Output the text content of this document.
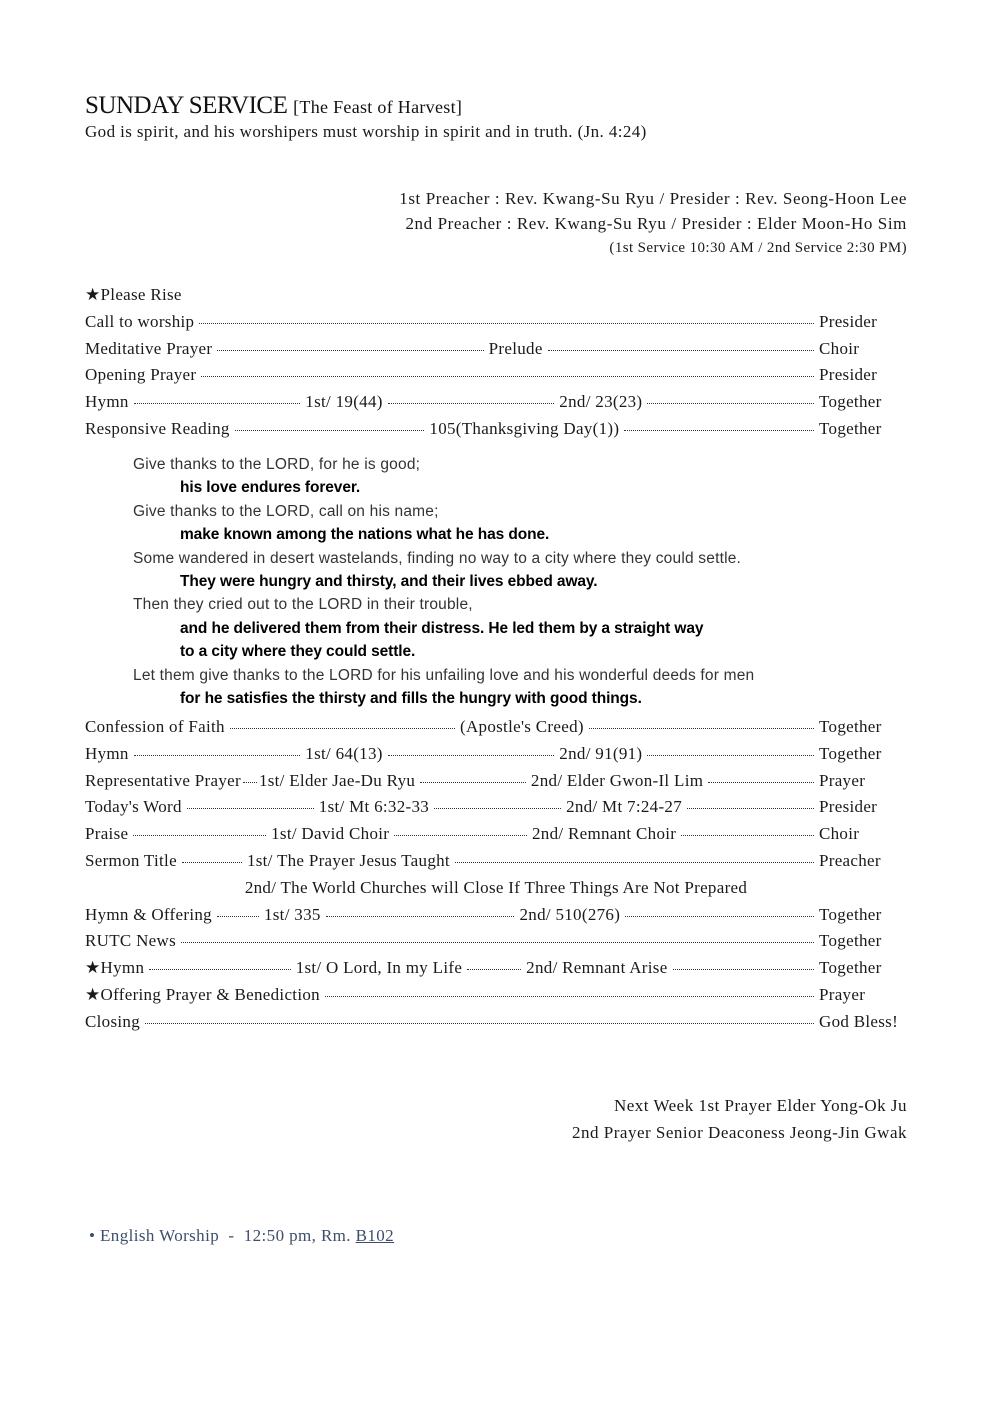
SUNDAY SERVICE [The Feast of Harvest]
God is spirit, and his worshipers must worship in spirit and in truth. (Jn. 4:24)
1st Preacher : Rev. Kwang-Su Ryu / Presider : Rev. Seong-Hoon Lee
2nd Preacher : Rev. Kwang-Su Ryu / Presider : Elder Moon-Ho Sim
(1st Service 10:30 AM / 2nd Service 2:30 PM)
★Please Rise
Call to worship	Presider
Meditative Prayer	Prelude	Choir
Opening Prayer	Presider
Hymn	1st/ 19(44)	2nd/ 23(23)	Together
Responsive Reading	105(Thanksgiving Day(1))	Together
Give thanks to the LORD, for he is good;
his love endures forever.
Give thanks to the LORD, call on his name;
make known among the nations what he has done.
Some wandered in desert wastelands, finding no way to a city where they could settle.
They were hungry and thirsty, and their lives ebbed away.
Then they cried out to the LORD in their trouble,
and he delivered them from their distress. He led them by a straight way
to a city where they could settle.
Let them give thanks to the LORD for his unfailing love and his wonderful deeds for men
for he satisfies the thirsty and fills the hungry with good things.
Confession of Faith	(Apostle's Creed)	Together
Hymn	1st/ 64(13)	2nd/ 91(91)	Together
Representative Prayer 1st/ Elder Jae-Du Ryu	2nd/ Elder Gwon-Il Lim	Prayer
Today's Word	1st/ Mt 6:32-33	2nd/ Mt 7:24-27	Presider
Praise	1st/ David Choir	2nd/ Remnant Choir	Choir
Sermon Title	1st/ The Prayer Jesus Taught	Preacher
2nd/ The World Churches will Close If Three Things Are Not Prepared
Hymn & Offering	1st/ 335	2nd/ 510(276)	Together
RUTC News	Together
★Hymn	1st/ O Lord, In my Life	2nd/ Remnant Arise	Together
★Offering Prayer & Benediction	Prayer
Closing	God Bless!
Next Week 1st Prayer Elder Yong-Ok Ju
2nd Prayer Senior Deaconess Jeong-Jin Gwak
• English Worship  -  12:50 pm, Rm. B102
